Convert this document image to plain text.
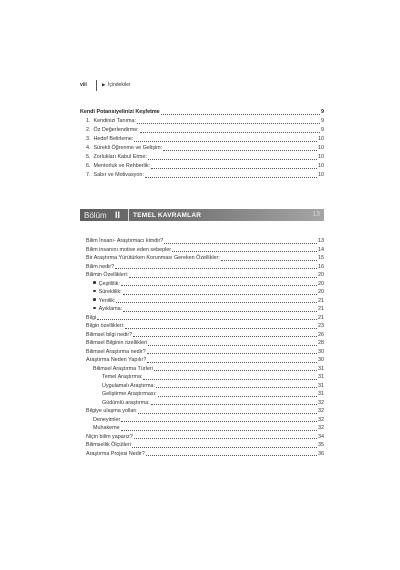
viii	▶ İçindekiler
Kendi Potansiyelinizi Keşfetme	9
1. Kendinizi Tanıma:	9
2. Öz Değerlendirme:	9
3. Hedef Belirleme:	10
4. Sürekli Öğrenme ve Gelişim:	10
5. Zorlukları Kabul Etme:	10
6. Mentorluk ve Rehberlik:	10
7. Sabır ve Motivasyon:	10
Bölüm II TEMEL KAVRAMLAR	13
Bilim İnsanı- Araştırmacı kimdir?	13
Bilim insanını motive eden sebepler	14
Bir Araştırma Yürütürken Korunması Gereken Özellikler:	15
Bilim nedir?	16
Bilimin Özellikleri:	20
Çeşitlilik:	20
Süreklilik:	20
Yenilik:	21
Ayıklama:	21
Bilgi	21
Bilgin özellikleri:	23
Bilimsel bilgi nedir?	26
Bilimsel Bilginin özellikleri	28
Bilimsel Araştırma nedir?	30
Araştırma Neden Yapılır?	30
Bilimsel Araştırma Türleri	31
Temel Araştırma:	31
Uygulamalı Araştırma:	31
Geliştirme Araştırması:	31
Güdümlü araştırma:	32
Bilgiye ulaşma yolları	32
Deneyimler	32
Muhakeme	32
Niçin bilim yaparız?	34
Bilimsellik Ölçütleri	35
Araştırma Projesi Nedir?	36
